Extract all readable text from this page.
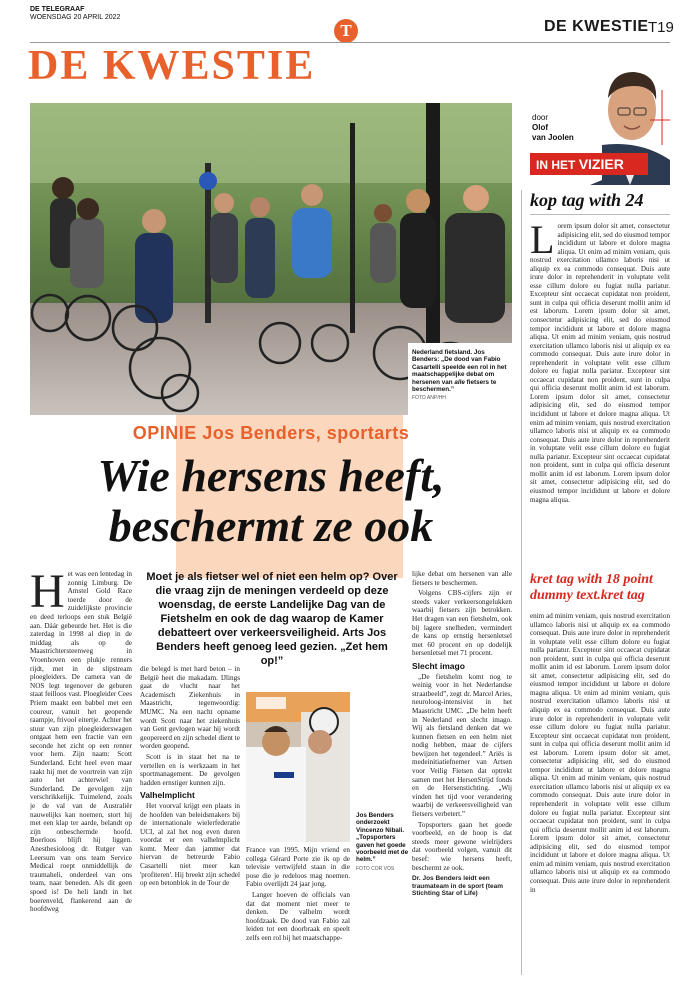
DE TELEGRAAF
WOENSDAG 20 APRIL 2022
T	DE KWESTIE T19
DE KWESTIE
door
Olof
van Joolen
IN HET VIZIER
Nederland fietsland. Jos Benders: „De dood van Fabio Casartelli speelde een rol in het maatschappelijke debat om hersenen van alle fietsers te beschermen.”
FOTO ANP/HH
OPINIE Jos Benders, sportarts
Wie hersens heeft,
beschermt ze ook
Het was een lentedag in zonnig Limburg. De Amstel Gold Race toerde door de zuidelijkste provincie en deed terloops een stuk België aan. Dáár gebeurde het. Het is die zaterdag in 1998 al diep in de middag als op de Maastrichtersteenweg in Vroenhoven een plukje renners rijdt, met in de slipstream ploegleiders. De camera van de NOS legt tegenover de geburen staat feilloos vast. Ploegleider Cees Priem maakt een babbel met een coureur, vanuit het geopende raampje, frivool eitertje. Achter het stuur van zijn ploegleiderswagen ontgaat hem een fractie van een seconde het zicht op een renner voor hem. Zijn naam: Scott Sunderland. Echt heel even maar raakt hij met de voortrein van zijn auto het achterwiel van Sunderland. De gevolgen zijn verschrikkelijk. Tuimelend, zoals je de val van de Australiër nauwelijks kan noemen, stort hij met een klap ter aarde, belandt op zijn onbeschermde hoofd. Boerloos blijft hij liggen. Anesthesioloog dr. Rutger van Leersum van ons team Service Medical roept onmiddellijk de traumaheli, onderdeel van ons team, naar beneden. Als dit geen spoed is! De heli landt in het boerenveld, flankerend aan de hoofdweg
Moet je als fietser wel of niet een helm op? Over die vraag zijn de meningen verdeeld op deze woensdag, de eerste Landelijke Dag van de Fietshelm en ook de dag waarop de Kamer debatteert over verkeersveiligheid. Arts Jos Benders heeft genoeg leed gezien. „Zet hem op!”
Jos Benders onderzoekt Vincenzo Nibali. „Topsporters gaven het goede voorbeeld met de helm.”
FOTO COR VOS

die belegd is met hard beton – in België heet die makadam. IJlings gaat de vlucht naar het Academisch Ziekenhuis in Maastricht, tegenwoordig: MUMC. Na een nacht opname wordt Scott naar het ziekenhuis van Gent gevlogen waar hij wordt geopereerd en zijn schedel dient te worden geopend.

Scott is in staat het na te vertellen en is werkzaam in het sportmanagement. De gevolgen hadden ernstiger kunnen zijn.

Valhelmplicht

Het voorval krijgt een plaats in de hoofden van beleidsmakers bij de internationale wielerfederatie UCI, al zal het nog even duren voordat er een valhelmplicht komt. Meer dan jammer dat hiervan de betreurde Fabio Casartelli niet meer kan 'profiteren'. Hij breekt zijn schedel op een betonblok in de Tour de

France van 1995. Mijn vriend en collega Gérard Porte zie ik op de televisie vertwijfeld staan in die pose die je redeloos mag noemen. Fabio overlijdt 24 jaar jong.

Langer hoeven de officials van dat dat moment niet meer te denken. De valhelm wordt hoofdzaak. De dood van Fabio zal leiden tot een doorbraak en speelt zelfs een rol bij het maatschappe-

lijke debat om hersenen van alle fietsers te beschermen.

Volgens CBS-cijfers zijn er steeds vaker verkeersongelukken waarbij fietsers zijn betrokken. Het dragen van een fietshelm, ook bij lagere snelheden, vermindert de kans op ernstig hersenletsel met 60 procent en op dodelijk hersenletsel met 71 procent.

Slecht imago

„De fietshelm komt nog te weinig voor in het Nederlandse straatbeeld”, zegt dr. Marcel Aries, neuroloog-intensivist in het Maastricht UMC. „De helm heeft in Nederland een slecht imago. Wij als fietsland denken dat we kunnen fietsen en een helm niet nodig hebben, maar de cijfers bewijzen het tegendeel.” Ariës is medeinitiatiefnemer van Artsen voor Veilig Fietsen dat optrekt samen met het HersenStrijd fonds en de Hersenstichting. „Wij vinden het tijd voor verandering waarbij de verkeersveiligheid van fietsers verbetert.”

Topsporters gaan het goede voorbeeld, en de hoop is dat steeds meer gewone wielrijders dat voorbeeld volgen, vanuit dit besef: wie hersens heeft, beschermt ze ook.

Dr. Jos Benders leidt een traumateam in de sport (team Stichting Star of Life)

kop tag with 24
Lorem ipsum dolor sit amet, consectetur adipisicing elit, sed do eiusmod tempor incididunt ut labore et dolore magna aliqua. Ut enim ad minim veniam, quis nostrud exercitation ullamco laboris nisi ut aliquip ex ea commodo consequat. Duis aute irure dolor in reprehenderit in voluptate velit esse cillum dolore eu fugiat nulla pariatur. Excepteur sint occaecat cupidatat non proident, sunt in culpa qui officia deserunt mollit anim id est laborum. Lorem ipsum dolor sit amet, consectetur adipisicing elit, sed do eiusmod tempor incididunt ut labore et dolore magna aliqua. Ut enim ad minim veniam, quis nostrud exercitation ullamco laboris nisi ut aliquip ex ea commodo consequat. Duis aute irure dolor in reprehenderit in voluptate velit esse cillum dolore eu fugiat nulla pariatur. Excepteur sint occaecat cupidatat non proident, sunt in culpa qui officia deserunt mollit anim id est laborum. Lorem ipsum dolor sit amet, consectetur adipisicing elit, sed do eiusmod tempor incididunt ut labore et dolore magna aliqua. Ut enim ad minim veniam, quis nostrud exercitation ullamco laboris nisi ut aliquip ex ea commodo consequat. Duis aute irure dolor in reprehenderit in voluptate velit esse cillum dolore eu fugiat nulla pariatur. Excepteur sint occaecat cupidatat non proident, sunt in culpa qui officia deserunt mollit anim id est laborum. Lorem ipsum dolor sit amet, consectetur adipisicing elit, sed do eiusmod tempor incididunt ut labore et dolore magna aliqua.
kret tag with 18 point dummy text.kret tag
enim ad minim veniam, quis nostrud exercitation ullamco laboris nisi ut aliquip ex ea commodo consequat. Duis aute irure dolor in reprehenderit in voluptate velit esse cillum dolore eu fugiat nulla pariatur. Excepteur sint occaecat cupidatat non proident, sunt in culpa qui officia deserunt mollit anim id est laborum. Lorem ipsum dolor sit amet, consectetur adipisicing elit, sed do eiusmod tempor incididunt ut labore et dolore magna aliqua. Ut enim ad minim veniam, quis nostrud exercitation ullamco laboris nisi ut aliquip ex ea commodo consequat. Duis aute irure dolor in reprehenderit in voluptate velit esse cillum dolore eu fugiat nulla pariatur. Excepteur sint occaecat cupidatat non proident, sunt in culpa qui officia deserunt mollit anim id est laborum. Lorem ipsum dolor sit amet, consectetur adipisicing elit, sed do eiusmod tempor incididunt ut labore et dolore magna aliqua. Ut enim ad minim veniam, quis nostrud exercitation ullamco laboris nisi ut aliquip ex ea commodo consequat. Duis aute irure dolor in reprehenderit in voluptate velit esse cillum dolore eu fugiat nulla pariatur. Excepteur sint occaecat cupidatat non proident, sunt in culpa qui officia deserunt mollit anim id est laborum. Lorem ipsum dolor sit amet, consectetur adipisicing elit, sed do eiusmod tempor incididunt ut labore et dolore magna aliqua. Ut enim ad minim veniam, quis nostrud exercitation ullamco laboris nisi ut aliquip ex ea commodo consequat. Duis aute irure dolor in reprehenderit in
